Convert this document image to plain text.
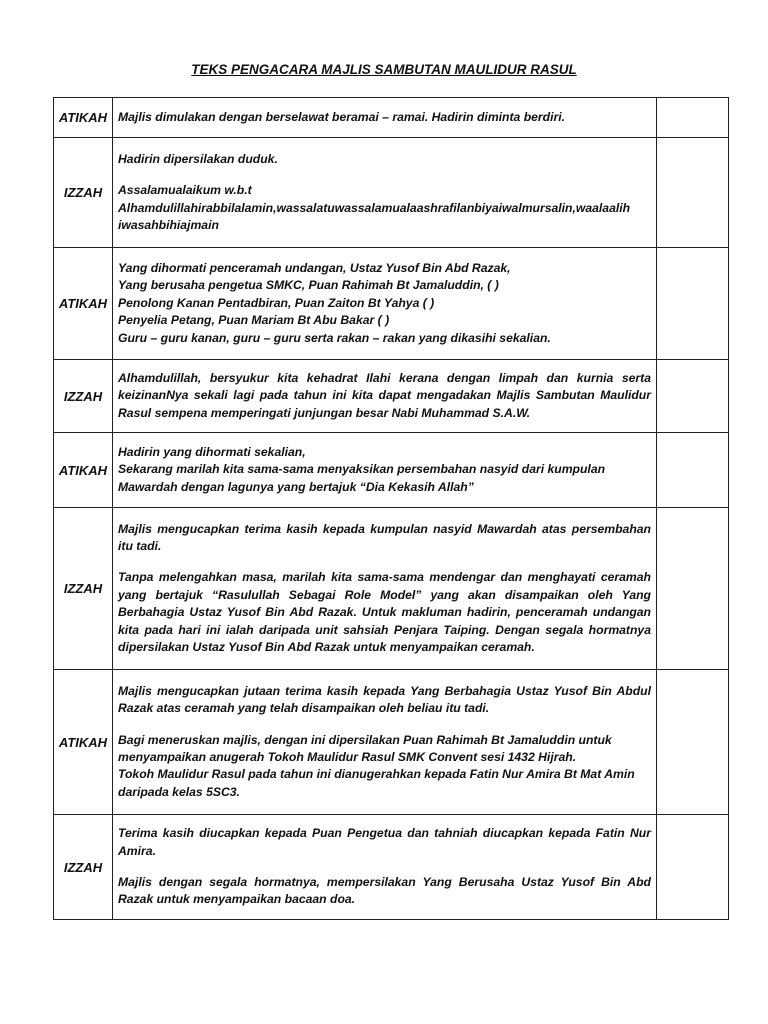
TEKS PENGACARA MAJLIS SAMBUTAN MAULIDUR RASUL
ATIKAH	Majlis dimulakan dengan berselawat beramai – ramai. Hadirin diminta berdiri.	

IZZAH	Hadirin dipersilakan duduk.

Assalamualaikum w.b.t
Alhamdulillahirabbilalamin,wassalatuwassalamualaashrafilanbiyaiwalmursalin,waalaalih iwasahbihiajmain	

ATIKAH	Yang dihormati penceramah undangan, Ustaz Yusof Bin Abd Razak,
Yang berusaha pengetua SMKC, Puan Rahimah Bt Jamaluddin, ( )
Penolong Kanan Pentadbiran, Puan Zaiton Bt Yahya ( )
Penyelia Petang, Puan Mariam Bt Abu Bakar ( )
Guru – guru kanan, guru – guru serta rakan – rakan yang dikasihi sekalian.	

IZZAH	Alhamdulillah, bersyukur kita kehadrat Ilahi kerana dengan limpah dan kurnia serta keizinanNya sekali lagi pada tahun ini kita dapat mengadakan Majlis Sambutan Maulidur Rasul sempena memperingati junjungan besar Nabi Muhammad S.A.W.	

ATIKAH	Hadirin yang dihormati sekalian,
Sekarang marilah kita sama-sama menyaksikan persembahan nasyid dari kumpulan Mawardah dengan lagunya yang bertajuk “Dia Kekasih Allah”	

IZZAH	Majlis mengucapkan terima kasih kepada kumpulan nasyid Mawardah atas persembahan itu tadi.

Tanpa melengahkan masa, marilah kita sama-sama mendengar dan menghayati ceramah yang bertajuk “Rasulullah Sebagai Role Model” yang akan disampaikan oleh Yang Berbahagia Ustaz Yusof Bin Abd Razak. Untuk makluman hadirin, penceramah undangan kita pada hari ini ialah daripada unit sahsiah Penjara Taiping. Dengan segala hormatnya dipersilakan Ustaz Yusof Bin Abd Razak untuk menyampaikan ceramah.	

ATIKAH	Majlis mengucapkan jutaan terima kasih kepada Yang Berbahagia Ustaz Yusof Bin Abdul Razak atas ceramah yang telah disampaikan oleh beliau itu tadi.

Bagi meneruskan majlis, dengan ini dipersilakan Puan Rahimah Bt Jamaluddin untuk menyampaikan anugerah Tokoh Maulidur Rasul SMK Convent sesi 1432 Hijrah.
Tokoh Maulidur Rasul pada tahun ini dianugerahkan kepada Fatin Nur Amira Bt Mat Amin daripada kelas 5SC3.	

IZZAH	Terima kasih diucapkan kepada Puan Pengetua dan tahniah diucapkan kepada Fatin Nur Amira.

Majlis dengan segala hormatnya, mempersilakan Yang Berusaha Ustaz Yusof Bin Abd Razak untuk menyampaikan bacaan doa.	
